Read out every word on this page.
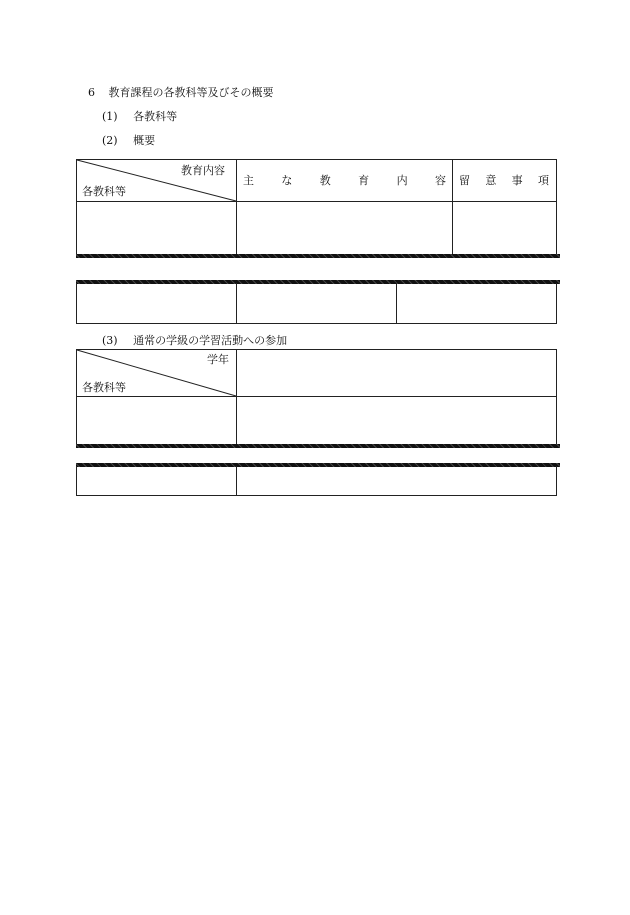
6 教育課程の各教科等及びその概要
(1) 各教科等
(2) 概要
教育内容
各教科等
主 な 教 育 内 容 留 意 事 項
(3) 通常の学級の学習活動への参加
学年
各教科等
